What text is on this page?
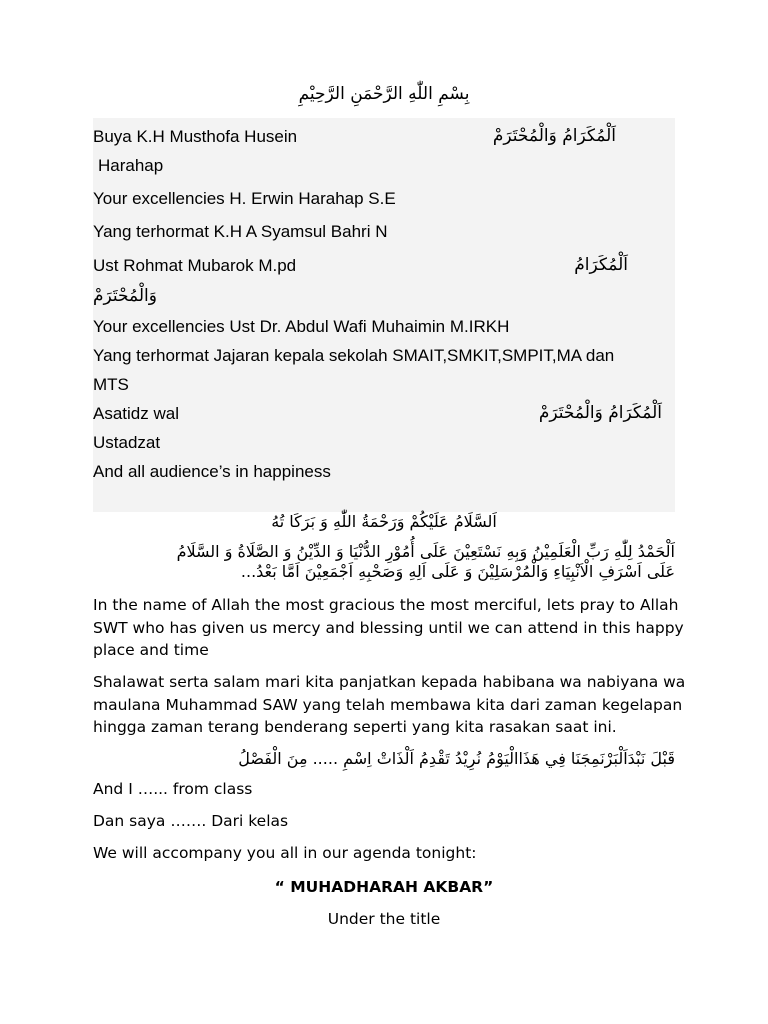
بِسْمِ اللّٰهِ الرَّحْمَنِ الرَّحِيْمِ
Buya K.H Musthofa Husein	اَلْمُكَرَامُ وَالْمُحْتَرَمْ
Harahap
Your excellencies H. Erwin Harahap S.E
Yang terhormat K.H A Syamsul Bahri N
Ust Rohmat Mubarok M.pd	اَلْمُكَرَامُ
وَالْمُحْتَرَمْ
Your excellencies Ust Dr. Abdul Wafi Muhaimin M.IRKH
Yang terhormat Jajaran kepala sekolah SMAIT,SMKIT,SMPIT,MA dan
MTS
Asatidz wal	اَلْمُكَرَامُ وَالْمُحْتَرَمْ
Ustadzat
And all audience’s in happiness
اَلسَّلَامُ عَلَيْكُمْ وَرَحْمَةُ اللّٰهِ وَ بَرَكَا تُهُ
اَلْحَمْدُ لِلّٰهِ رَبِّ الْعَلَمِيْنُ وَبِهِ نَسْتَعِيْنَ عَلَى أُمُوْرِ الدُّنْيَا وَ الدِّيْنُ وَ الصَّلَاةُ وَ السَّلَامُ
عَلَى اَسْرَفِ الْاَنْبِيَاءِ وَالْمُرْسَلِيْنَ وَ عَلَى اَلِهِ وَصَحْبِهِ اَجْمَعِيْنَ اَمَّا بَعْدُ...
In the name of Allah the most gracious the most merciful, lets pray to Allah
SWT who has given us mercy and blessing until we can attend in this happy
place and time
Shalawat serta salam mari kita panjatkan kepada habibana wa nabiyana wa
maulana Muhammad SAW yang telah membawa kita dari zaman kegelapan
hingga zaman terang benderang seperti yang kita rasakan saat ini.
قَبْلَ نَبْدَاَلْبَرْنَمِجَنَا فِي هَذَاالْيَوْمُ نُرِيْدُ تَقْدِمُ اَلْذَاتْ اِسْمِ ..... مِنَ الْفَصْلُ
And I …... from class
Dan saya ……. Dari kelas
We will accompany you all in our agenda tonight:
“ MUHADHARAH AKBAR”
Under the title
